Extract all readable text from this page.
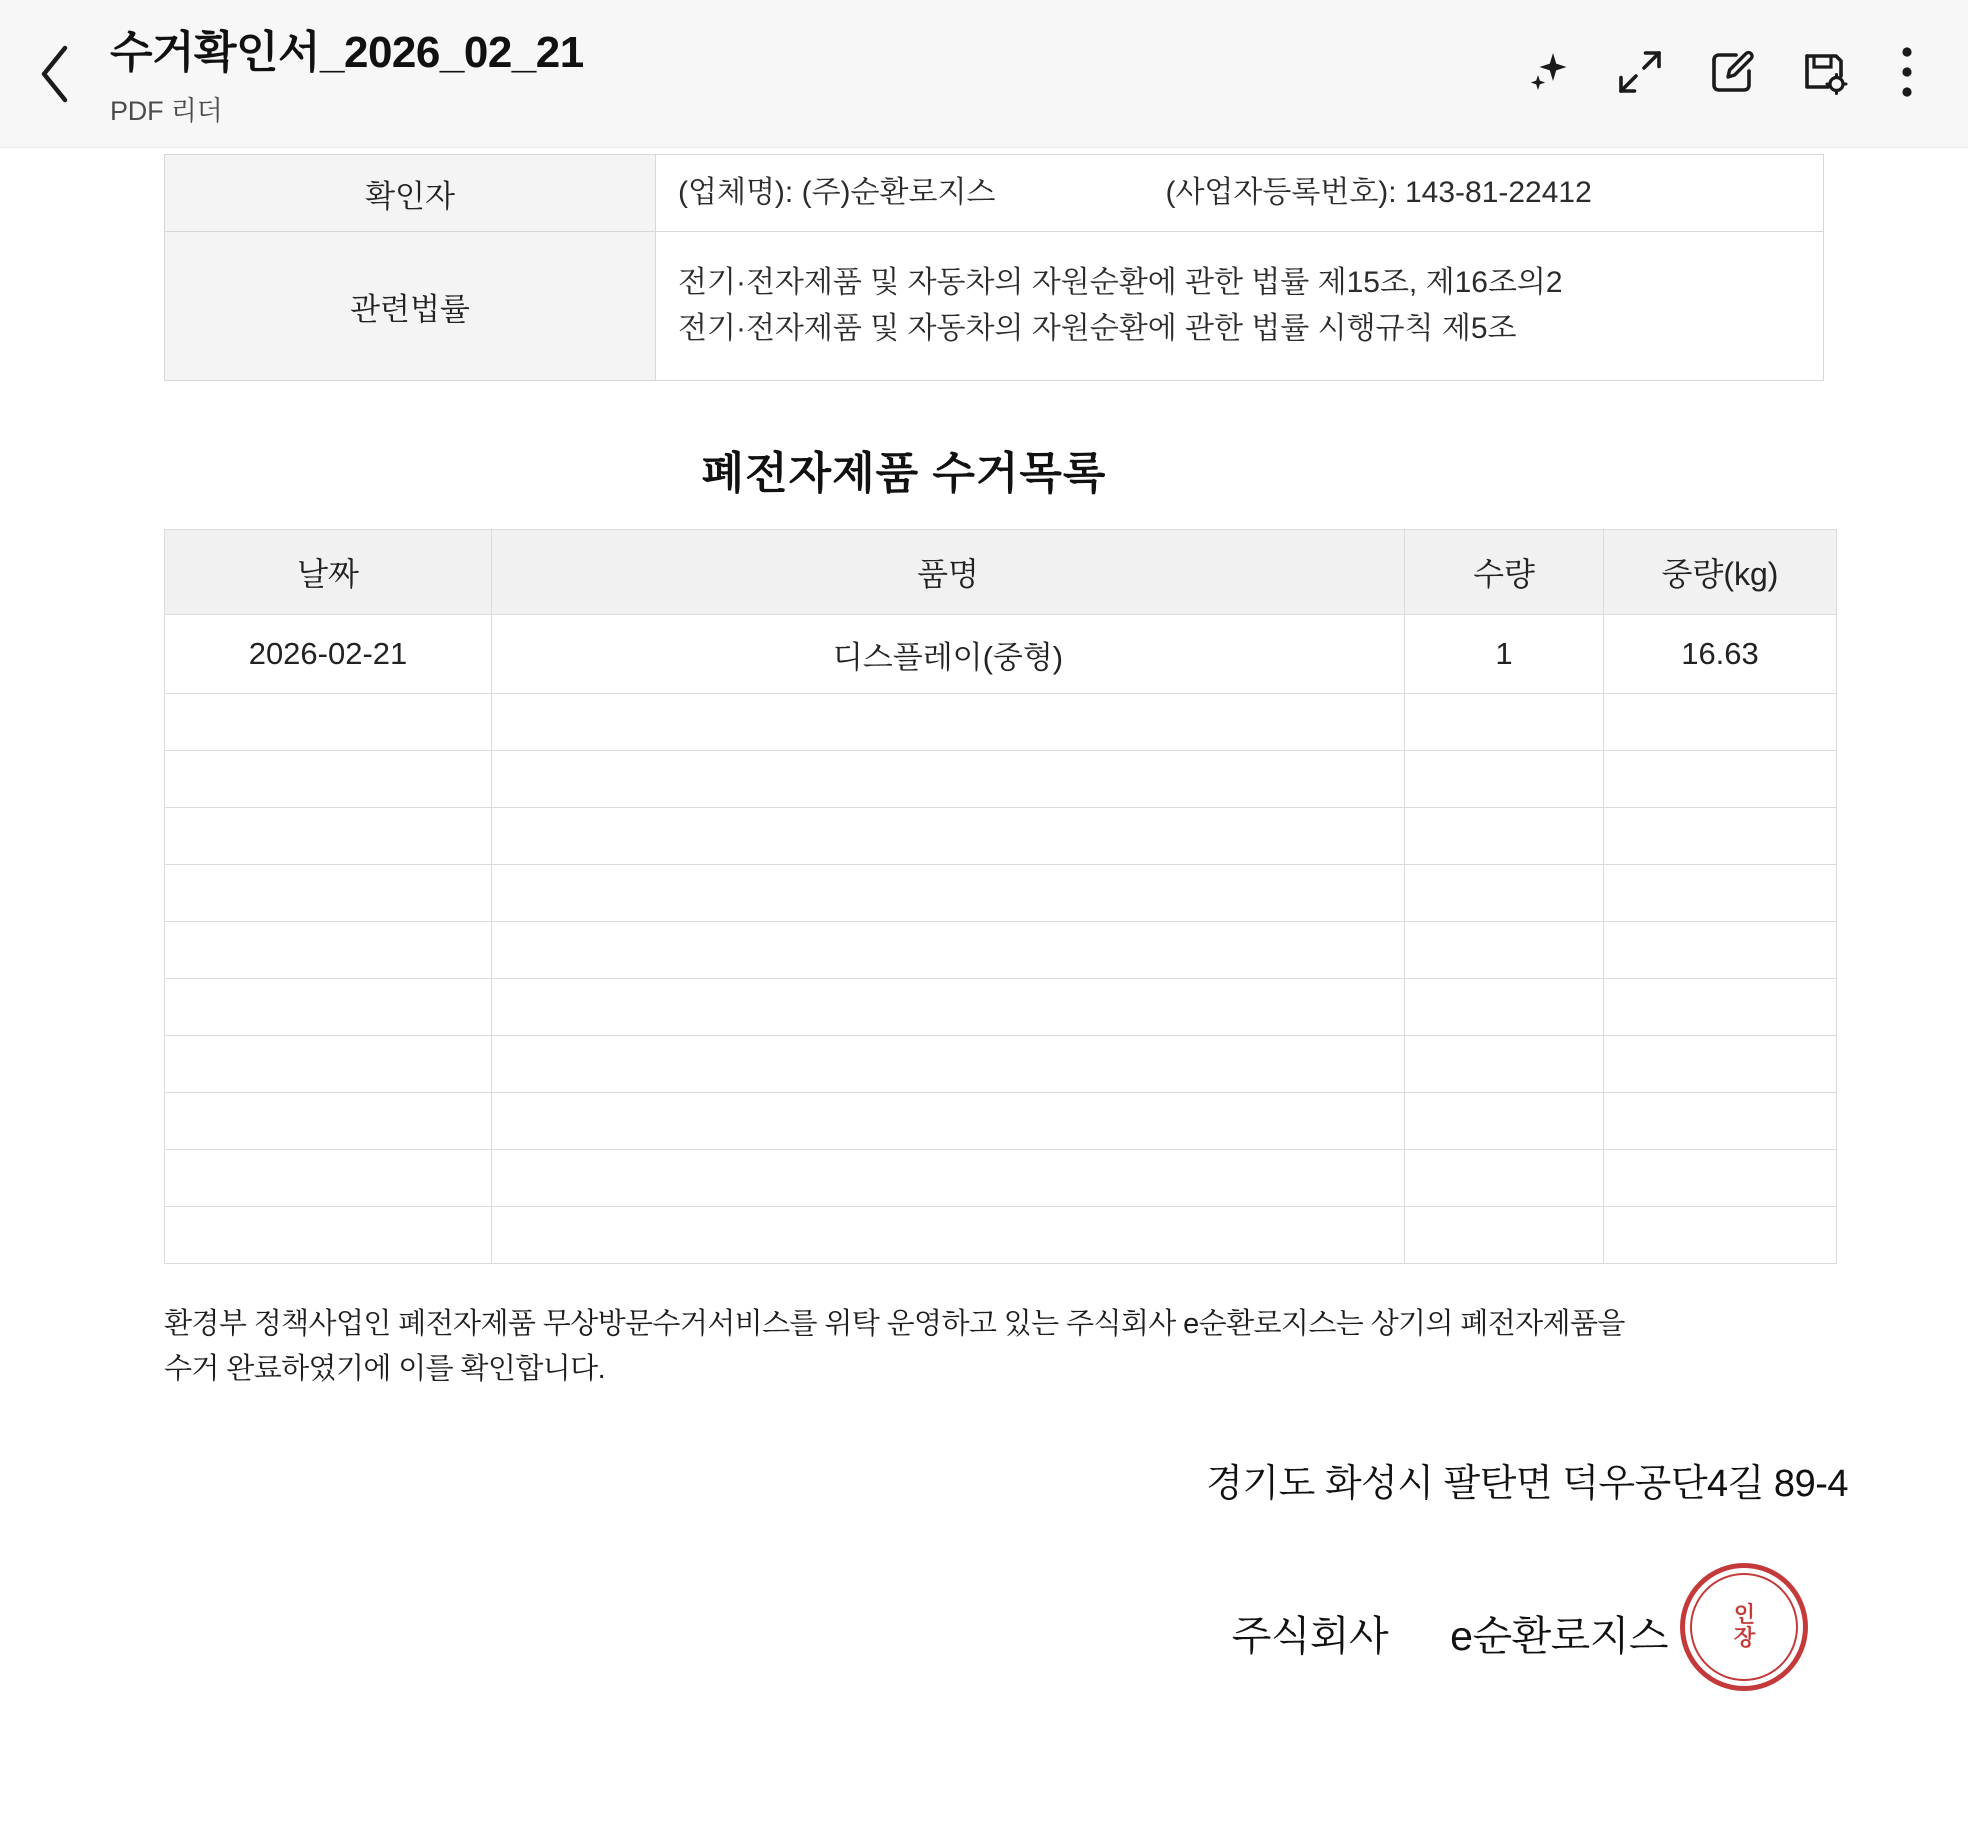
수거확인서_2026_02_21
PDF 리더
확인자	(업체명): (주)순환로지스 (사업자등록번호): 143-81-22412

관련법률	전기·전자제품 및 자동차의 자원순환에 관한 법률 제15조, 제16조의2
전기·전자제품 및 자동차의 자원순환에 관한 법률 시행규칙 제5조
폐전자제품 수거목록
날짜	품명	수량	중량(kg)
2026-02-21	디스플레이(중형)	1	16.63

환경부 정책사업인 폐전자제품 무상방문수거서비스를 위탁 운영하고 있는 주식회사 e순환로지스는 상기의 폐전자제품을
수거 완료하였기에 이를 확인합니다.
경기도 화성시 팔탄면 덕우공단4길 89-4
주식회사 e순환로지스	인
장
